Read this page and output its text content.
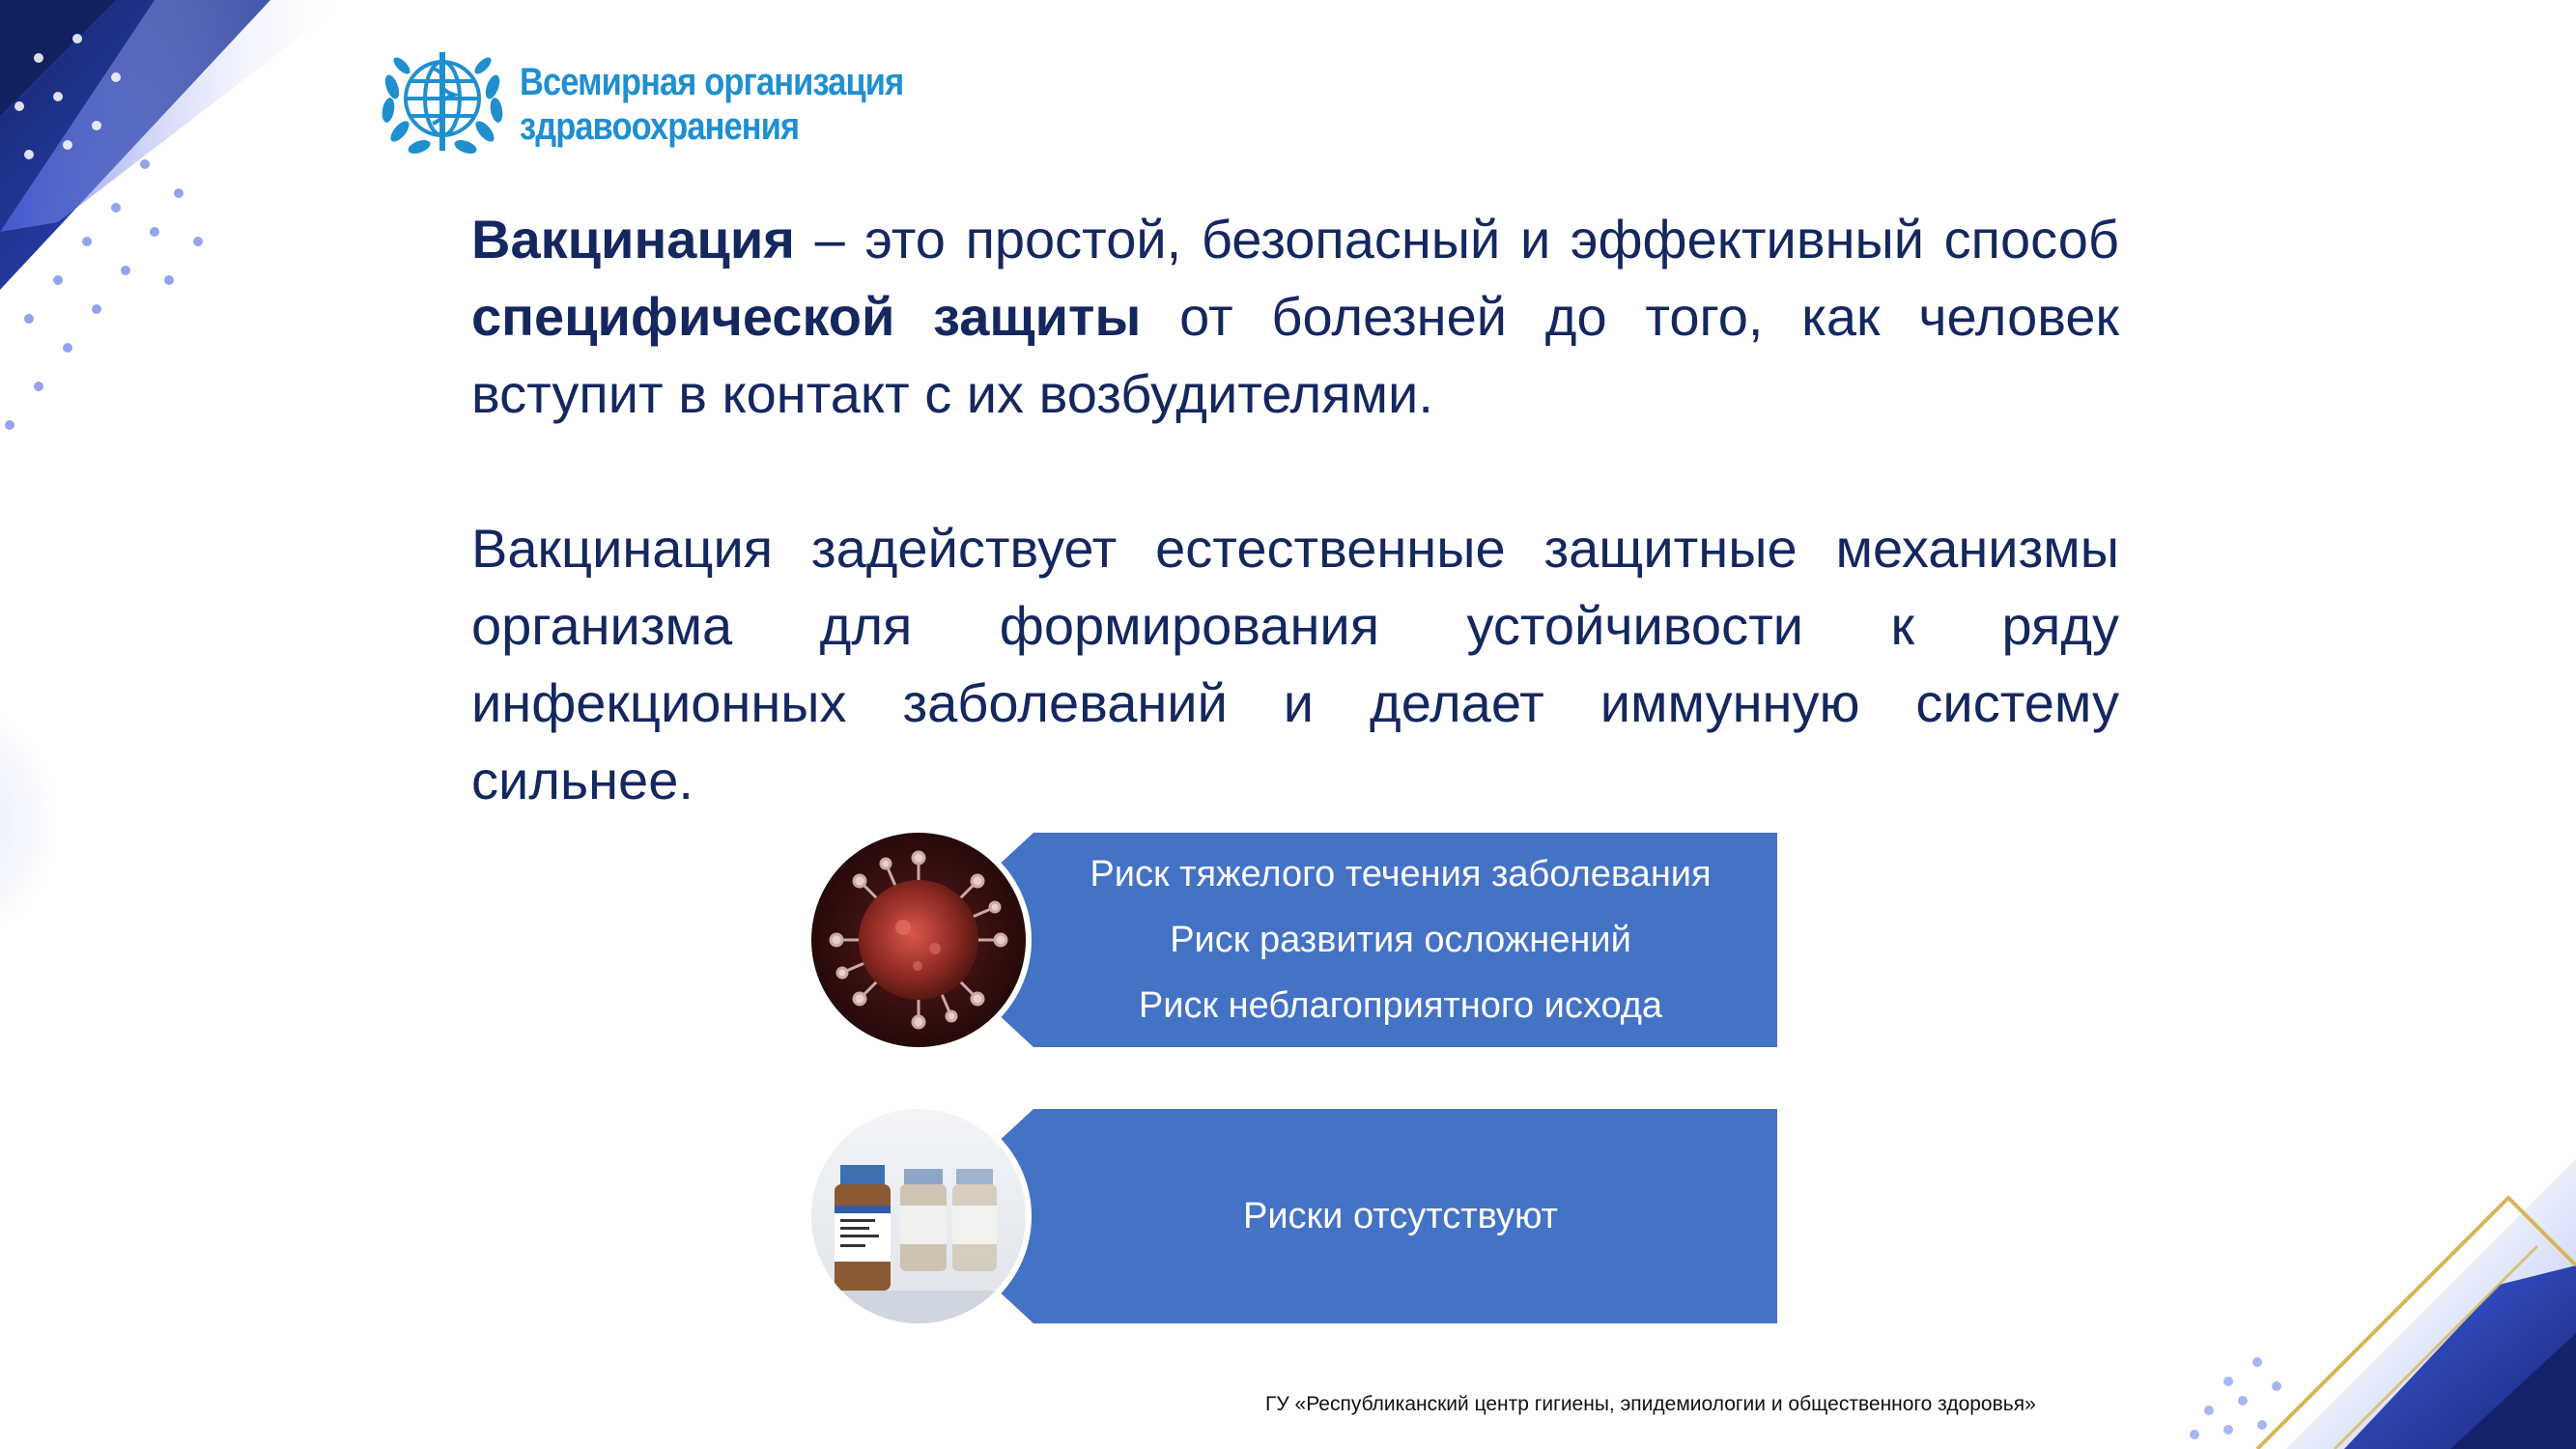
Всемирная организация
здравоохранения

Вакцинация – это простой, безопасный и эффективный способ специфической защиты от болезней до того, как человек вступит в контакт с их возбудителями.

Вакцинация задействует естественные защитные механизмы организма для формирования устойчивости к ряду инфекционных заболеваний и делает иммунную систему сильнее.

Риск тяжелого течения заболевания
Риск развития осложнений
Риск неблагоприятного исхода
Риски отсутствуют
ГУ «Республиканский центр гигиены, эпидемиологии и общественного здоровья»
